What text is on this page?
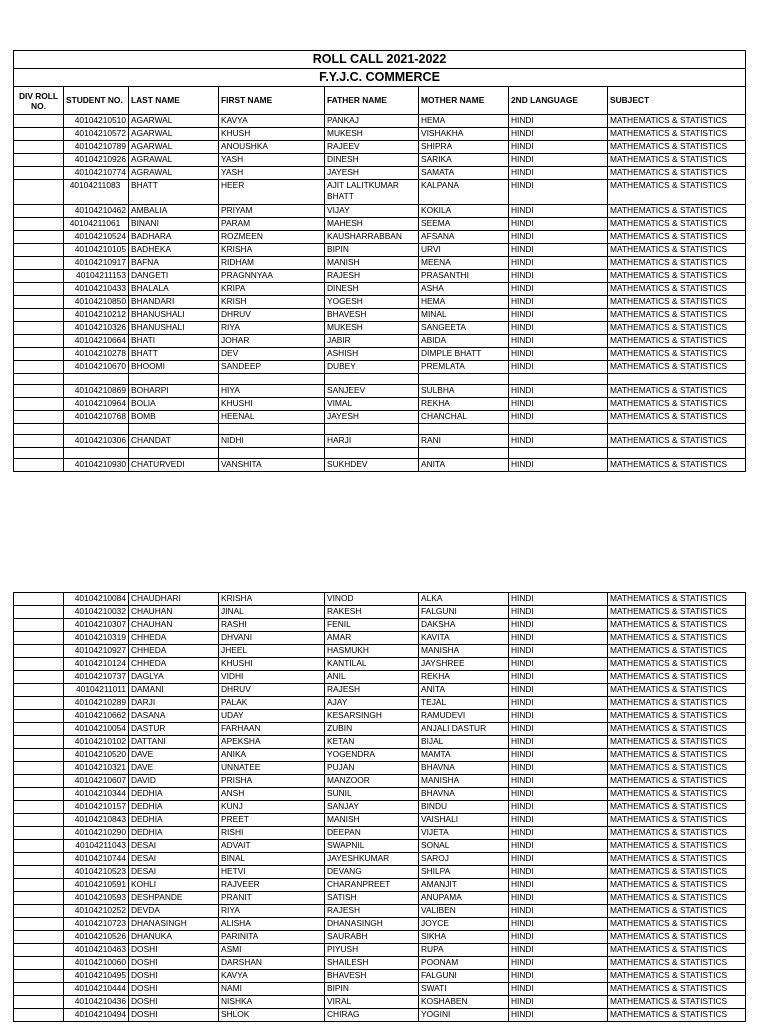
ROLL CALL 2021-2022							
F.Y.J.C. COMMERCE							
DIV ROLL NO.	STUDENT NO.	LAST NAME	FIRST NAME	FATHER NAME	MOTHER NAME	2ND LANGUAGE	SUBJECT
	40104210510	AGARWAL	KAVYA	PANKAJ	HEMA	HINDI	MATHEMATICS & STATISTICS
	40104210572	AGARWAL	KHUSH	MUKESH	VISHAKHA	HINDI	MATHEMATICS & STATISTICS
	40104210789	AGARWAL	ANOUSHKA	RAJEEV	SHIPRA	HINDI	MATHEMATICS & STATISTICS
	40104210926	AGRAWAL	YASH	DINESH	SARIKA	HINDI	MATHEMATICS & STATISTICS
	40104210774	AGRAWAL	YASH	JAYESH	SAMATA	HINDI	MATHEMATICS & STATISTICS
	40104211083	BHATT	HEER	AJIT LALITKUMAR BHATT	KALPANA	HINDI	MATHEMATICS & STATISTICS
	40104210462	AMBALIA	PRIYAM	VIJAY	KOKILA	HINDI	MATHEMATICS & STATISTICS
	40104211061	BINANI	PARAM	MAHESH	SEEMA	HINDI	MATHEMATICS & STATISTICS
	40104210524	BADHARA	ROZMEEN	KAUSHARRABBAN	AFSANA	HINDI	MATHEMATICS & STATISTICS
	40104210105	BADHEKA	KRISHA	BIPIN	URVI	HINDI	MATHEMATICS & STATISTICS
	40104210917	BAFNA	RIDHAM	MANISH	MEENA	HINDI	MATHEMATICS & STATISTICS
	40104211153	DANGETI	PRAGNNYAA	RAJESH	PRASANTHI	HINDI	MATHEMATICS & STATISTICS
	40104210433	BHALALA	KRIPA	DINESH	ASHA	HINDI	MATHEMATICS & STATISTICS
	40104210850	BHANDARI	KRISH	YOGESH	HEMA	HINDI	MATHEMATICS & STATISTICS
	40104210212	BHANUSHALI	DHRUV	BHAVESH	MINAL	HINDI	MATHEMATICS & STATISTICS
	40104210326	BHANUSHALI	RIYA	MUKESH	SANGEETA	HINDI	MATHEMATICS & STATISTICS
	40104210664	BHATI	JOHAR	JABIR	ABIDA	HINDI	MATHEMATICS & STATISTICS
	40104210278	BHATT	DEV	ASHISH	DIMPLE BHATT	HINDI	MATHEMATICS & STATISTICS
	40104210670	BHOOMI	SANDEEP	DUBEY	PREMLATA	HINDI	MATHEMATICS & STATISTICS

	40104210869	BOHARPI	HIYA	SANJEEV	SULBHA	HINDI	MATHEMATICS & STATISTICS
	40104210964	BOLIA	KHUSHI	VIMAL	REKHA	HINDI	MATHEMATICS & STATISTICS
	40104210768	BOMB	HEENAL	JAYESH	CHANCHAL	HINDI	MATHEMATICS & STATISTICS

	40104210306	CHANDAT	NIDHI	HARJI	RANI	HINDI	MATHEMATICS & STATISTICS

	40104210930	CHATURVEDI	VANSHITA	SUKHDEV	ANITA	HINDI	MATHEMATICS & STATISTICS
	40104210084	CHAUDHARI	KRISHA	VINOD	ALKA	HINDI	MATHEMATICS & STATISTICS
	40104210032	CHAUHAN	JINAL	RAKESH	FALGUNI	HINDI	MATHEMATICS & STATISTICS
	40104210307	CHAUHAN	RASHI	FENIL	DAKSHA	HINDI	MATHEMATICS & STATISTICS
	40104210319	CHHEDA	DHVANI	AMAR	KAVITA	HINDI	MATHEMATICS & STATISTICS
	40104210927	CHHEDA	JHEEL	HASMUKH	MANISHA	HINDI	MATHEMATICS & STATISTICS
	40104210124	CHHEDA	KHUSHI	KANTILAL	JAYSHREE	HINDI	MATHEMATICS & STATISTICS
	40104210737	DAGLYA	VIDHI	ANIL	REKHA	HINDI	MATHEMATICS & STATISTICS
	40104211011	DAMANI	DHRUV	RAJESH	ANITA	HINDI	MATHEMATICS & STATISTICS
	40104210289	DARJI	PALAK	AJAY	TEJAL	HINDI	MATHEMATICS & STATISTICS
	40104210662	DASANA	UDAY	KESARSINGH	RAMUDEVI	HINDI	MATHEMATICS & STATISTICS
	40104210054	DASTUR	FARHAAN	ZUBIN	ANJALI DASTUR	HINDI	MATHEMATICS & STATISTICS
	40104210102	DATTANI	APEKSHA	KETAN	BIJAL	HINDI	MATHEMATICS & STATISTICS
	40104210520	DAVE	ANIKA	YOGENDRA	MAMTA	HINDI	MATHEMATICS & STATISTICS
	40104210321	DAVE	UNNATEE	PUJAN	BHAVNA	HINDI	MATHEMATICS & STATISTICS
	40104210607	DAVID	PRISHA	MANZOOR	MANISHA	HINDI	MATHEMATICS & STATISTICS
	40104210344	DEDHIA	ANSH	SUNIL	BHAVNA	HINDI	MATHEMATICS & STATISTICS
	40104210157	DEDHIA	KUNJ	SANJAY	BINDU	HINDI	MATHEMATICS & STATISTICS
	40104210843	DEDHIA	PREET	MANISH	VAISHALI	HINDI	MATHEMATICS & STATISTICS
	40104210290	DEDHIA	RISHI	DEEPAN	VIJETA	HINDI	MATHEMATICS & STATISTICS
	40104211043	DESAI	ADVAIT	SWAPNIL	SONAL	HINDI	MATHEMATICS & STATISTICS
	40104210744	DESAI	BINAL	JAYESHKUMAR	SAROJ	HINDI	MATHEMATICS & STATISTICS
	40104210523	DESAI	HETVI	DEVANG	SHILPA	HINDI	MATHEMATICS & STATISTICS
	40104210591	KOHLI	RAJVEER	CHARANPREET	AMANJIT	HINDI	MATHEMATICS & STATISTICS
	40104210593	DESHPANDE	PRANIT	SATISH	ANUPAMA	HINDI	MATHEMATICS & STATISTICS
	40104210252	DEVDA	RIYA	RAJESH	VALIBEN	HINDI	MATHEMATICS & STATISTICS
	40104210723	DHANASINGH	ALISHA	DHANASINGH	JOYCE	HINDI	MATHEMATICS & STATISTICS
	40104210526	DHANUKA	PARINITA	SAURABH	SIKHA	HINDI	MATHEMATICS & STATISTICS
	40104210463	DOSHI	ASMI	PIYUSH	RUPA	HINDI	MATHEMATICS & STATISTICS
	40104210060	DOSHI	DARSHAN	SHAILESH	POONAM	HINDI	MATHEMATICS & STATISTICS
	40104210495	DOSHI	KAVYA	BHAVESH	FALGUNI	HINDI	MATHEMATICS & STATISTICS
	40104210444	DOSHI	NAMI	BIPIN	SWATI	HINDI	MATHEMATICS & STATISTICS
	40104210436	DOSHI	NISHKA	VIRAL	KOSHABEN	HINDI	MATHEMATICS & STATISTICS
	40104210494	DOSHI	SHLOK	CHIRAG	YOGINI	HINDI	MATHEMATICS & STATISTICS
